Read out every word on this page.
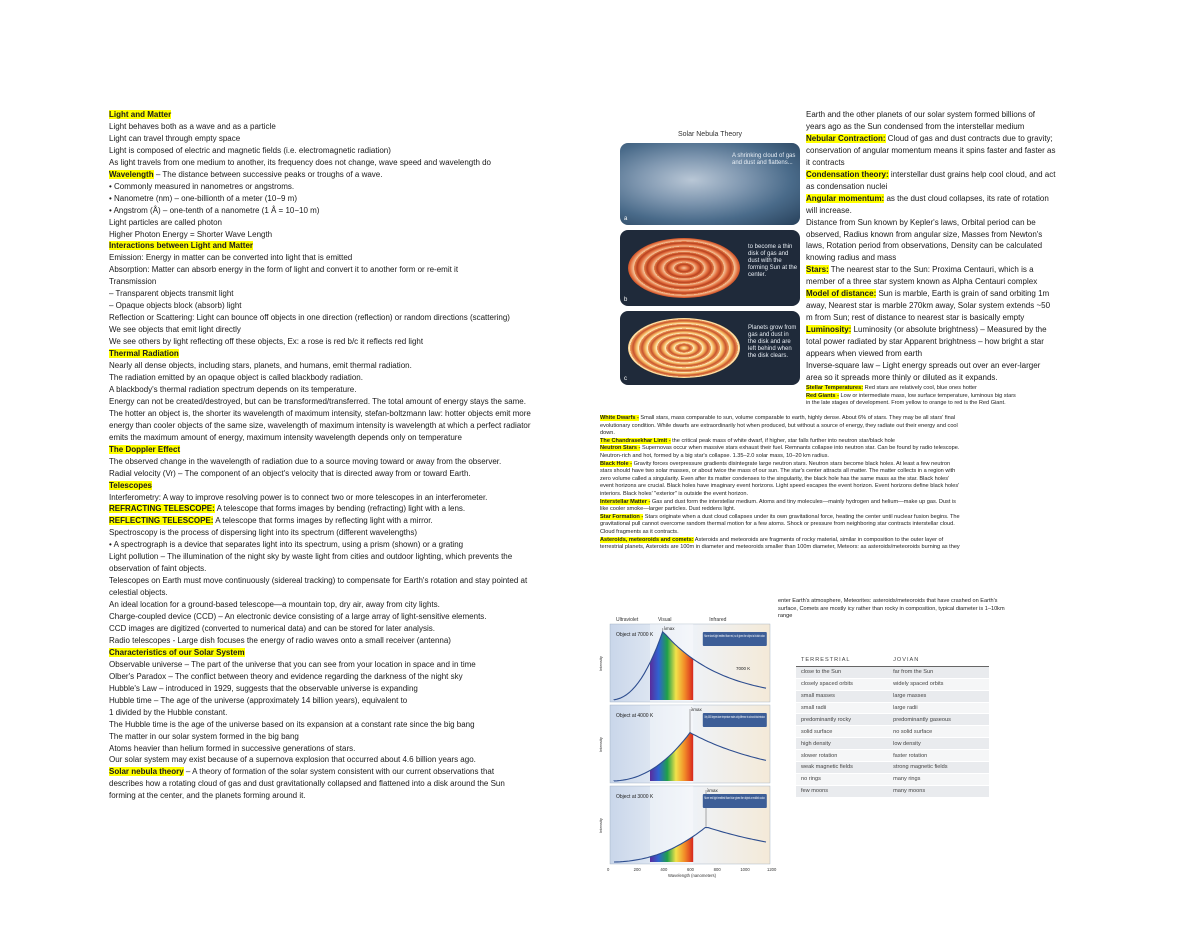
Light and Matter
Light behaves both as a wave and as a particle
Light can travel through empty space
Light is composed of electric and magnetic fields (i.e. electromagnetic radiation)
As light travels from one medium to another, its frequency does not change, wave speed and wavelength do
Wavelength – The distance between successive peaks or troughs of a wave.
• Commonly measured in nanometres or angstroms.
• Nanometre (nm) – one-billionth of a meter (10−9 m)
• Angstrom (Å) – one-tenth of a nanometre (1 Å = 10−10 m)
Light particles are called photon
Higher Photon Energy = Shorter Wave Length
Interactions between Light and Matter
Emission: Energy in matter can be converted into light that is emitted
Absorption: Matter can absorb energy in the form of light and convert it to another form or re-emit it
Transmission
– Transparent objects transmit light
– Opaque objects block (absorb) light
Reflection or Scattering: Light can bounce off objects in one direction (reflection) or random directions (scattering)
We see objects that emit light directly
We see others by light reflecting off these objects, Ex: a rose is red b/c it reflects red light
Thermal Radiation
Nearly all dense objects, including stars, planets, and humans, emit thermal radiation.
The radiation emitted by an opaque object is called blackbody radiation.
A blackbody's thermal radiation spectrum depends on its temperature.
Energy can not be created/destroyed, but can be transformed/transferred. The total amount of energy stays the same.
The hotter an object is, the shorter its wavelength of maximum intensity, stefan-boltzmann law: hotter objects emit more
energy than cooler objects of the same size, wavelength of maximum intensity is wavelength at which a perfect radiator
emits the maximum amount of energy, maximum intensity wavelength depends only on temperature
The Doppler Effect
The observed change in the wavelength of radiation due to a source moving toward or away from the observer.
Radial velocity (Vr) – The component of an object's velocity that is directed away from or toward Earth.
Telescopes
Interferometry: A way to improve resolving power is to connect two or more telescopes in an interferometer.
REFRACTING TELESCOPE: A telescope that forms images by bending (refracting) light with a lens.
REFLECTING TELESCOPE: A telescope that forms images by reflecting light with a mirror.
Spectroscopy is the process of dispersing light into its spectrum (different wavelengths)
• A spectrograph is a device that separates light into its spectrum, using a prism (shown) or a grating
Light pollution – The illumination of the night sky by waste light from cities and outdoor lighting, which prevents the
observation of faint objects.
Telescopes on Earth must move continuously (sidereal tracking) to compensate for Earth's rotation and stay pointed at
celestial objects.
An ideal location for a ground-based telescope—a mountain top, dry air, away from city lights.
Charge-coupled device (CCD) – An electronic device consisting of a large array of light-sensitive elements.
CCD images are digitized (converted to numerical data) and can be stored for later analysis.
Radio telescopes - Large dish focuses the energy of radio waves onto a small receiver (antenna)
Characteristics of our Solar System
Observable universe – The part of the universe that you can see from your location in space and in time
Olber's Paradox – The conflict between theory and evidence regarding the darkness of the night sky
Hubble's Law – introduced in 1929, suggests that the observable universe is expanding
Hubble time – The age of the universe (approximately 14 billion years), equivalent to
1 divided by the Hubble constant.
The Hubble time is the age of the universe based on its expansion at a constant rate since the big bang
The matter in our solar system formed in the big bang
Atoms heavier than helium formed in successive generations of stars.
Our solar system may exist because of a supernova explosion that occurred about 4.6 billion years ago.
Solar nebula theory – A theory of formation of the solar system consistent with our current observations that
describes how a rotating cloud of gas and dust gravitationally collapsed and flattened into a disk around the Sun
forming at the center, and the planets forming around it.
Solar Nebula Theory
A shrinking cloud of gas and dust and flattens...
a
to become a thin disk of gas and dust with the forming Sun at the center.
b
Planets grow from gas and dust in the disk and are left behind when the disk clears.
c
Earth and the other planets of our solar system formed billions of
years ago as the Sun condensed from the interstellar medium
Nebular Contraction: Cloud of gas and dust contracts due to gravity;
conservation of angular momentum means it spins faster and faster as
it contracts
Condensation theory: interstellar dust grains help cool cloud, and act
as condensation nuclei
Angular momentum: as the dust cloud collapses, its rate of rotation
will increase.
Distance from Sun known by Kepler's laws, Orbital period can be
observed, Radius known from angular size, Masses from Newton's
laws, Rotation period from observations, Density can be calculated
knowing radius and mass
Stars: The nearest star to the Sun: Proxima Centauri, which is a
member of a three star system known as Alpha Centauri complex
Model of distance: Sun is marble, Earth is grain of sand orbiting 1m
away, Nearest star is marble 270km away, Solar system extends ~50
m from Sun; rest of distance to nearest star is basically empty
Luminosity: Luminosity (or absolute brightness) – Measured by the
total power radiated by star Apparent brightness – how bright a star
appears when viewed from earth
Inverse-square law – Light energy spreads out over an ever-larger
area so it spreads more thinly or diluted as it expands.
Stellar Temperatures: Red stars are relatively cool, blue ones hotter
Red Giants - Low or intermediate mass, low surface temperature, luminous big stars
in the late stages of development. From yellow to orange to red is the Red Giant.
White Dwarfs - Small stars, mass comparable to sun, volume comparable to earth, highly dense. About 6% of stars. They may be all stars' final
evolutionary condition. While dwarfs are extraordinarily hot when produced, but without a source of energy, they radiate out their energy and cool
down.
The Chandrasekhar Limit - the critical peak mass of white dwarf, if higher, star falls further into neutron star/black hole
Neutron Stars - Supernovas occur when massive stars exhaust their fuel. Remnants collapse into neutron star. Can be found by radio telescope.
Neutron-rich and hot, formed by a big star's collapse. 1.35–2.0 solar mass, 10–20 km radius.
Black Hole - Gravity forces overpressure gradients disintegrate large neutron stars. Neutron stars become black holes. At least a few neutron
stars should have two solar masses, or about twice the mass of our sun. The star's center attracts all matter. The matter collects in a region with
zero volume called a singularity. Even after its matter condenses to the singularity, the black hole has the same mass as the star. Black holes'
event horizons are crucial. Black holes have imaginary event horizons. Light speed escapes the event horizon. Event horizons define black holes'
interiors. Black holes' "exterior" is outside the event horizon.
Interstellar Matter - Gas and dust form the interstellar medium. Atoms and tiny molecules—mainly hydrogen and helium—make up gas. Dust is
like cooler smoke—larger particles. Dust reddens light.
Star Formation - Stars originate when a dust cloud collapses under its own gravitational force, heating the center until nuclear fusion begins. The
gravitational pull cannot overcome random thermal motion for a few atoms. Shock or pressure from neighboring star contracts interstellar cloud.
Cloud fragments as it contracts.
Asteroids, meteoroids and comets: Asteroids and meteoroids are fragments of rocky material, similar in composition to the outer layer of
terrestrial planets, Asteroids are 100m in diameter and meteoroids smaller than 100m diameter, Meteors: as asteroids/meteoroids burning as they
enter Earth's atmosphere, Meteorites: asteroids/meteoroids that have crashed on Earth's
surface, Comets are mostly icy rather than rocky in composition, typical diameter is 1–10km
range
Ultraviolet	Visual	Infrared
λmax
Object at 7000 K
7000 K
More short-light emitted than red, so it gives the object a bluish color.
Intensity
λmax
Object at 4000 K	Only 3000 degrees lower temperature makes a big difference in color and total emission.
Intensity
λmax
Object at 3000 K	More red light emitted than blue gives the object a reddish color.
Intensity
0	200	400	600	800	1000	1200
Wavelength (nanometers)
TERRESTRIAL	JOVIAN
close to the Sun	far from the Sun
closely spaced orbits	widely spaced orbits
small masses	large masses
small radii	large radii
predominantly rocky	predominantly gaseous
solid surface	no solid surface
high density	low density
slower rotation	faster rotation
weak magnetic fields	strong magnetic fields
no rings	many rings
few moons	many moons
